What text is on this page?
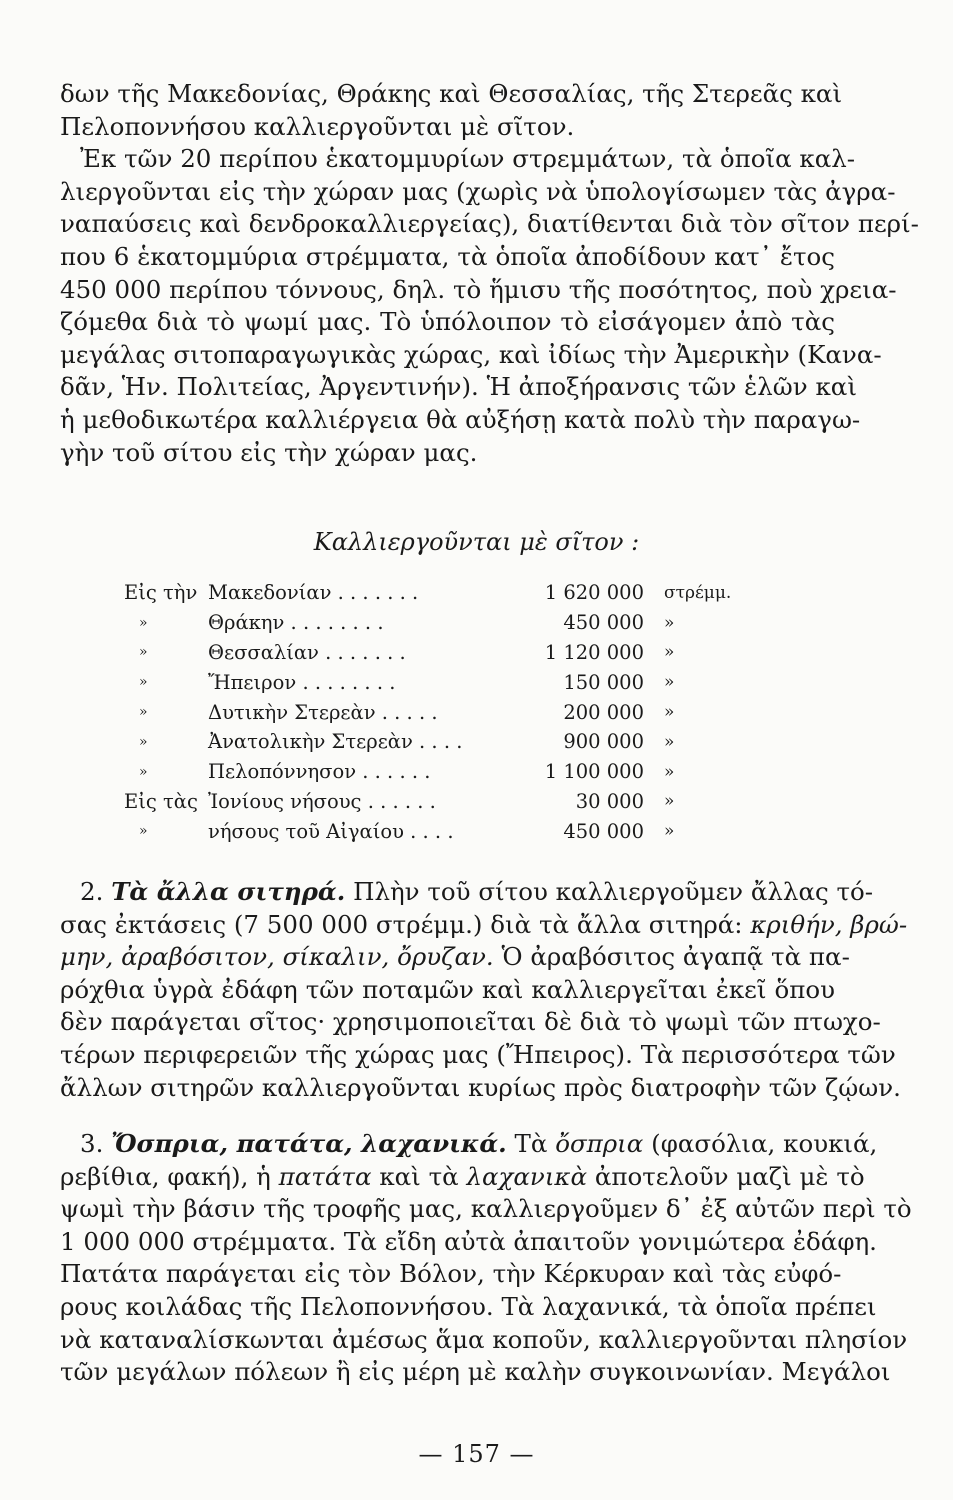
δων τῆς Μακεδονίας, Θράκης καὶ Θεσσαλίας, τῆς Στερεᾶς καὶ
Πελοποννήσου καλλιεργοῦνται μὲ σῖτον.
Ἐκ τῶν 20 περίπου ἑκατομμυρίων στρεμμάτων, τὰ ὁποῖα καλ-
λιεργοῦνται εἰς τὴν χώραν μας (χωρὶς νὰ ὑπολογίσωμεν τὰς ἀγρα-
ναπαύσεις καὶ δενδροκαλλιεργείας), διατίθενται διὰ τὸν σῖτον περί-
που 6 ἑκατομμύρια στρέμματα, τὰ ὁποῖα ἀποδίδουν κατ᾽ ἔτος
450 000 περίπου τόννους, δηλ. τὸ ἥμισυ τῆς ποσότητος, ποὺ χρεια-
ζόμεθα διὰ τὸ ψωμί μας. Τὸ ὑπόλοιπον τὸ εἰσάγομεν ἀπὸ τὰς
μεγάλας σιτοπαραγωγικὰς χώρας, καὶ ἰδίως τὴν Ἀμερικὴν (Κανα-
δᾶν, Ἡν. Πολιτείας, Ἀργεντινήν). Ἡ ἀποξήρανσις τῶν ἑλῶν καὶ
ἡ μεθοδικωτέρα καλλιέργεια θὰ αὐξήσῃ κατὰ πολὺ τὴν παραγω-
γὴν τοῦ σίτου εἰς τὴν χώραν μας.
Καλλιεργοῦνται μὲ σῖτον :
Εἰς τὴν	Μακεδονίαν . . . . . . .	1 620 000	στρέμμ.
»	Θράκην . . . . . . . .	450 000	»
»	Θεσσαλίαν . . . . . . .	1 120 000	»
»	Ἤπειρον . . . . . . . .	150 000	»
»	Δυτικὴν Στερεὰν . . . . .	200 000	»
»	Ἀνατολικὴν Στερεὰν . . . .	900 000	»
»	Πελοπόννησον . . . . . .	1 100 000	»
Εἰς τὰς	Ἰονίους νήσους . . . . . .	30 000	»
»	νήσους τοῦ Αἰγαίου . . . .	450 000	»
2. Τὰ ἄλλα σιτηρά. Πλὴν τοῦ σίτου καλλιεργοῦμεν ἄλλας τό-
σας ἐκτάσεις (7 500 000 στρέμμ.) διὰ τὰ ἄλλα σιτηρά: κριθήν, βρώ-
μην, ἀραβόσιτον, σίκαλιν, ὄρυζαν. Ὁ ἀραβόσιτος ἀγαπᾷ τὰ πα-
ρόχθια ὑγρὰ ἐδάφη τῶν ποταμῶν καὶ καλλιεργεῖται ἐκεῖ ὅπου
δὲν παράγεται σῖτος· χρησιμοποιεῖται δὲ διὰ τὸ ψωμὶ τῶν πτωχο-
τέρων περιφερειῶν τῆς χώρας μας (Ἤπειρος). Τὰ περισσότερα τῶν
ἄλλων σιτηρῶν καλλιεργοῦνται κυρίως πρὸς διατροφὴν τῶν ζῴων.
3. Ὄσπρια, πατάτα, λαχανικά. Τὰ ὄσπρια (φασόλια, κουκιά,
ρεβίθια, φακή), ἡ πατάτα καὶ τὰ λαχανικὰ ἀποτελοῦν μαζὶ μὲ τὸ
ψωμὶ τὴν βάσιν τῆς τροφῆς μας, καλλιεργοῦμεν δ᾽ ἐξ αὐτῶν περὶ τὸ
1 000 000 στρέμματα. Τὰ εἴδη αὐτὰ ἀπαιτοῦν γονιμώτερα ἐδάφη.
Πατάτα παράγεται εἰς τὸν Βόλον, τὴν Κέρκυραν καὶ τὰς εὐφό-
ρους κοιλάδας τῆς Πελοποννήσου. Τὰ λαχανικά, τὰ ὁποῖα πρέπει
νὰ καταναλίσκωνται ἀμέσως ἅμα κοποῦν, καλλιεργοῦνται πλησίον
τῶν μεγάλων πόλεων ἢ εἰς μέρη μὲ καλὴν συγκοινωνίαν. Μεγάλοι
— 157 —
